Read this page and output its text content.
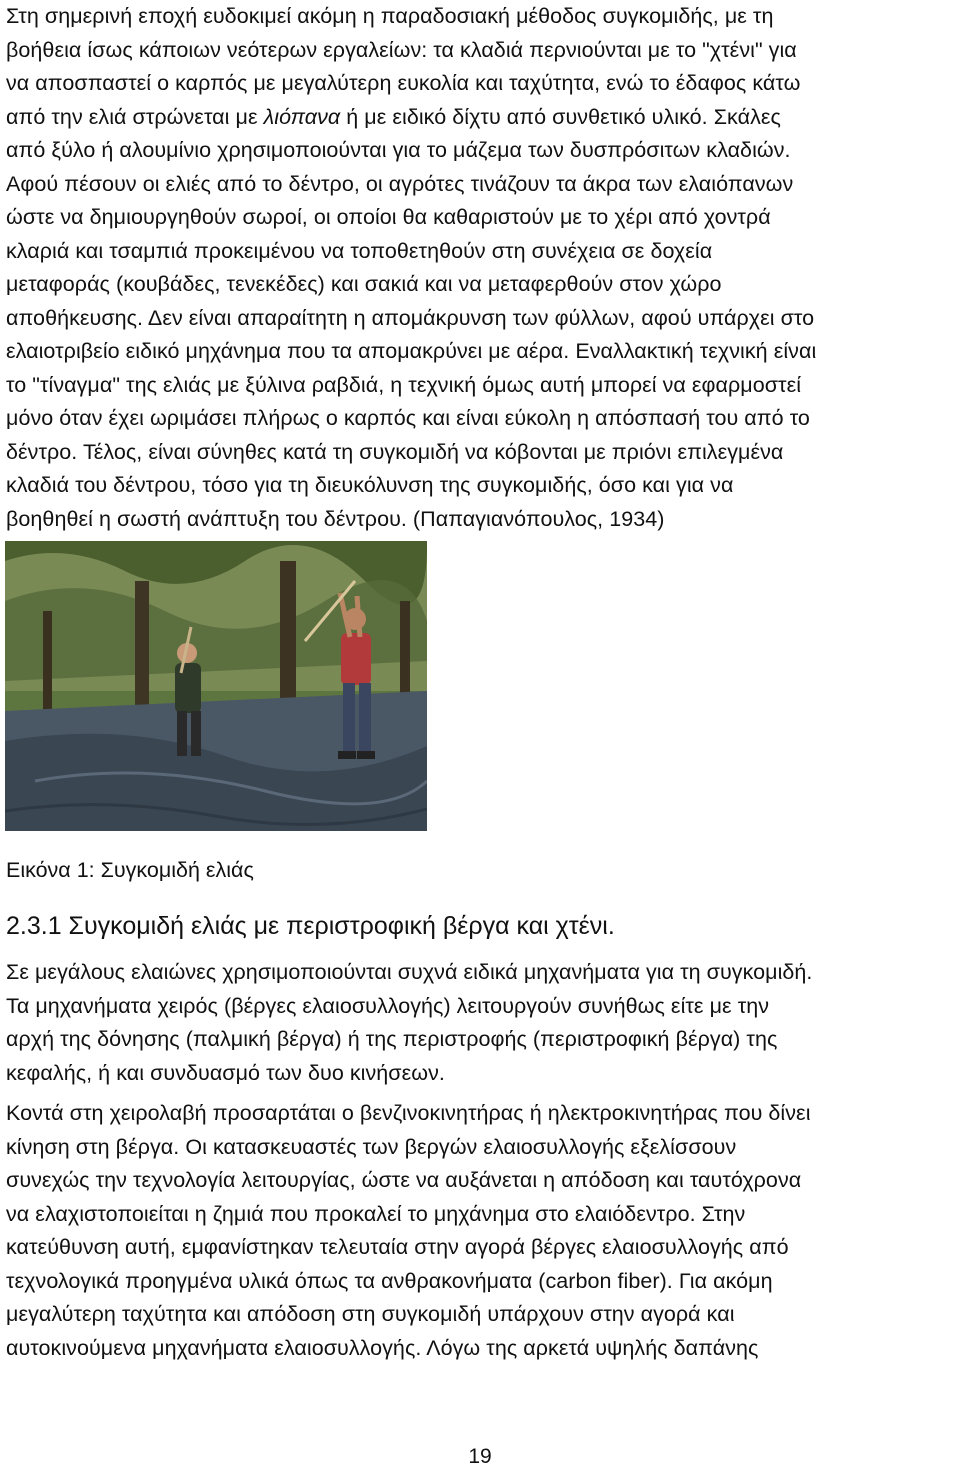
Στη σημερινή εποχή ευδοκιμεί ακόμη η παραδοσιακή μέθοδος συγκομιδής, με τη
βοήθεια ίσως κάποιων νεότερων εργαλείων: τα κλαδιά περνιούνται με το "χτένι" για
να αποσπαστεί ο καρπός με μεγαλύτερη ευκολία και ταχύτητα, ενώ το έδαφος κάτω
από την ελιά στρώνεται με λιόπανα ή με ειδικό δίχτυ από συνθετικό υλικό. Σκάλες
από ξύλο ή αλουμίνιο χρησιμοποιούνται για το μάζεμα των δυσπρόσιτων κλαδιών.
Αφού πέσουν οι ελιές από το δέντρο, οι αγρότες τινάζουν τα άκρα των ελαιόπανων
ώστε να δημιουργηθούν σωροί, οι οποίοι θα καθαριστούν με το χέρι από χοντρά
κλαριά και τσαμπιά προκειμένου να τοποθετηθούν στη συνέχεια σε δοχεία
μεταφοράς (κουβάδες, τενεκέδες) και σακιά και να μεταφερθούν στον χώρο
αποθήκευσης. Δεν είναι απαραίτητη η απομάκρυνση των φύλλων, αφού υπάρχει στο
ελαιοτριβείο ειδικό μηχάνημα που τα απομακρύνει με αέρα. Εναλλακτική τεχνική είναι
το "τίναγμα" της ελιάς με ξύλινα ραβδιά, η τεχνική όμως αυτή μπορεί να εφαρμοστεί
μόνο όταν έχει ωριμάσει πλήρως ο καρπός και είναι εύκολη η απόσπασή του από το
δέντρο. Τέλος, είναι σύνηθες κατά τη συγκομιδή να κόβονται με πριόνι επιλεγμένα
κλαδιά του δέντρου, τόσο για τη διευκόλυνση της συγκομιδής, όσο και για να
βοηθηθεί η σωστή ανάπτυξη του δέντρου. (Παπαγιανόπουλος, 1934)

Εικόνα 1: Συγκομιδή ελιάς

2.3.1 Συγκομιδή ελιάς με περιστροφική βέργα και χτένι.
Σε μεγάλους ελαιώνες χρησιμοποιούνται συχνά ειδικά μηχανήματα για τη συγκομιδή.
Τα μηχανήματα χειρός (βέργες ελαιοσυλλογής) λειτουργούν συνήθως είτε με την
αρχή της δόνησης (παλμική βέργα) ή της περιστροφής (περιστροφική βέργα) της
κεφαλής, ή και συνδυασμό των δυο κινήσεων.
Κοντά στη χειρολαβή προσαρτάται ο βενζινοκινητήρας ή ηλεκτροκινητήρας που δίνει
κίνηση στη βέργα. Οι κατασκευαστές των βεργών ελαιοσυλλογής εξελίσσουν
συνεχώς την τεχνολογία λειτουργίας, ώστε να αυξάνεται η απόδοση και ταυτόχρονα
να ελαχιστοποιείται η ζημιά που προκαλεί το μηχάνημα στο ελαιόδεντρο. Στην
κατεύθυνση αυτή, εμφανίστηκαν τελευταία στην αγορά βέργες ελαιοσυλλογής από
τεχνολογικά προηγμένα υλικά όπως τα ανθρακονήματα (carbon fiber). Για ακόμη
μεγαλύτερη ταχύτητα και απόδοση στη συγκομιδή υπάρχουν στην αγορά και
αυτοκινούμενα μηχανήματα ελαιοσυλλογής. Λόγω της αρκετά υψηλής δαπάνης
19
